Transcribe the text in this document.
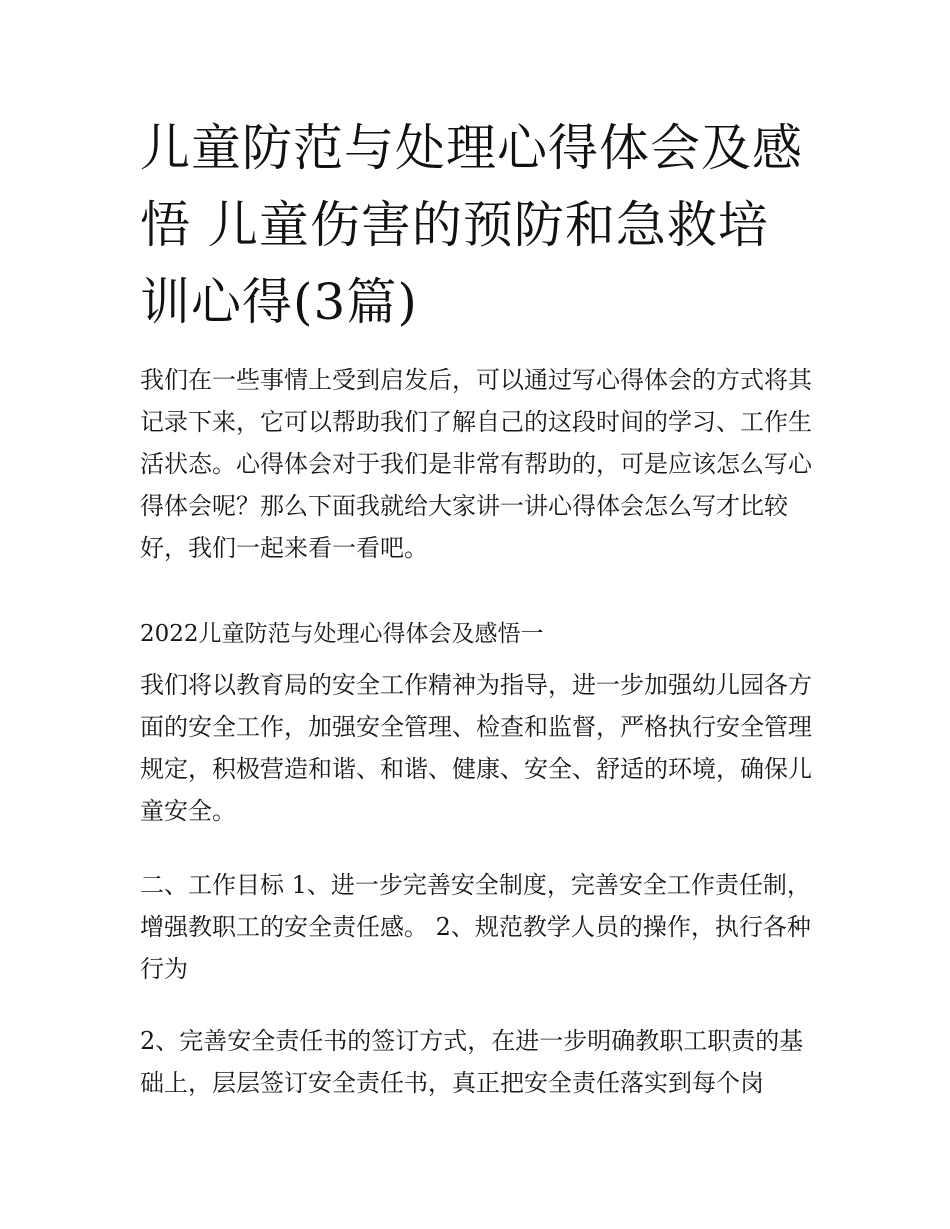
儿童防范与处理心得体会及感悟 儿童伤害的预防和急救培训心得(3篇)

我们在一些事情上受到启发后，可以通过写心得体会的方式将其记录下来，它可以帮助我们了解自己的这段时间的学习、工作生活状态。心得体会对于我们是非常有帮助的，可是应该怎么写心得体会呢？那么下面我就给大家讲一讲心得体会怎么写才比较好，我们一起来看一看吧。

2022儿童防范与处理心得体会及感悟一

我们将以教育局的安全工作精神为指导，进一步加强幼儿园各方面的安全工作，加强安全管理、检查和监督，严格执行安全管理规定，积极营造和谐、和谐、健康、安全、舒适的环境，确保儿童安全。

二、工作目标 1、进一步完善安全制度，完善安全工作责任制，增强教职工的安全责任感。 2、规范教学人员的操作，执行各种行为

2、完善安全责任书的签订方式，在进一步明确教职工职责的基础上，层层签订安全责任书，真正把安全责任落实到每个岗
